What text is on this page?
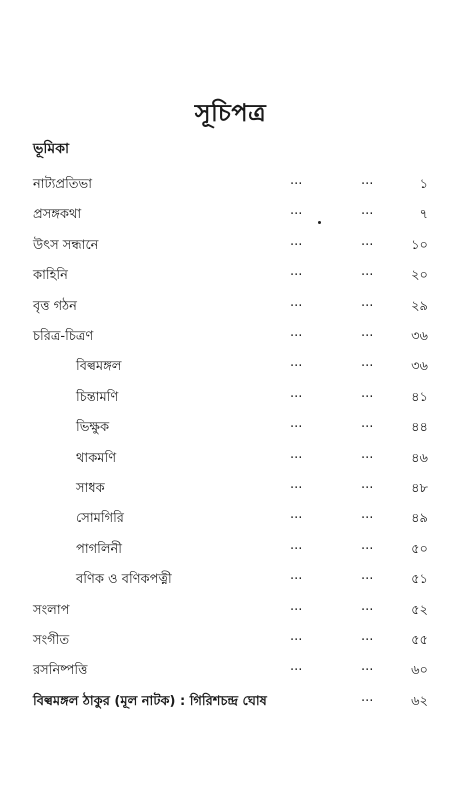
সূচিপত্র
ভূমিকা
নাট্যপ্রতিভা	...	...	১
প্রসঙ্গকথা	...	...	৭
উৎস সন্ধানে	...	...	১০
কাহিনি	...	...	২০
বৃত্ত গঠন	...	...	২৯
চরিত্র-চিত্রণ	...	...	৩৬
বিল্বমঙ্গল	...	...	৩৬
চিন্তামণি	...	...	৪১
ভিক্ষুক	...	...	৪৪
থাকমণি	...	...	৪৬
সাধক	...	...	৪৮
সোমগিরি	...	...	৪৯
পাগলিনী	...	...	৫০
বণিক ও বণিকপত্নী	...	...	৫১
সংলাপ	...	...	৫২
সংগীত	...	...	৫৫
রসনিষ্পত্তি	...	...	৬০
বিল্বমঙ্গল ঠাকুর (মূল নাটক) : গিরিশচন্দ্র ঘোষ	...	৬২
